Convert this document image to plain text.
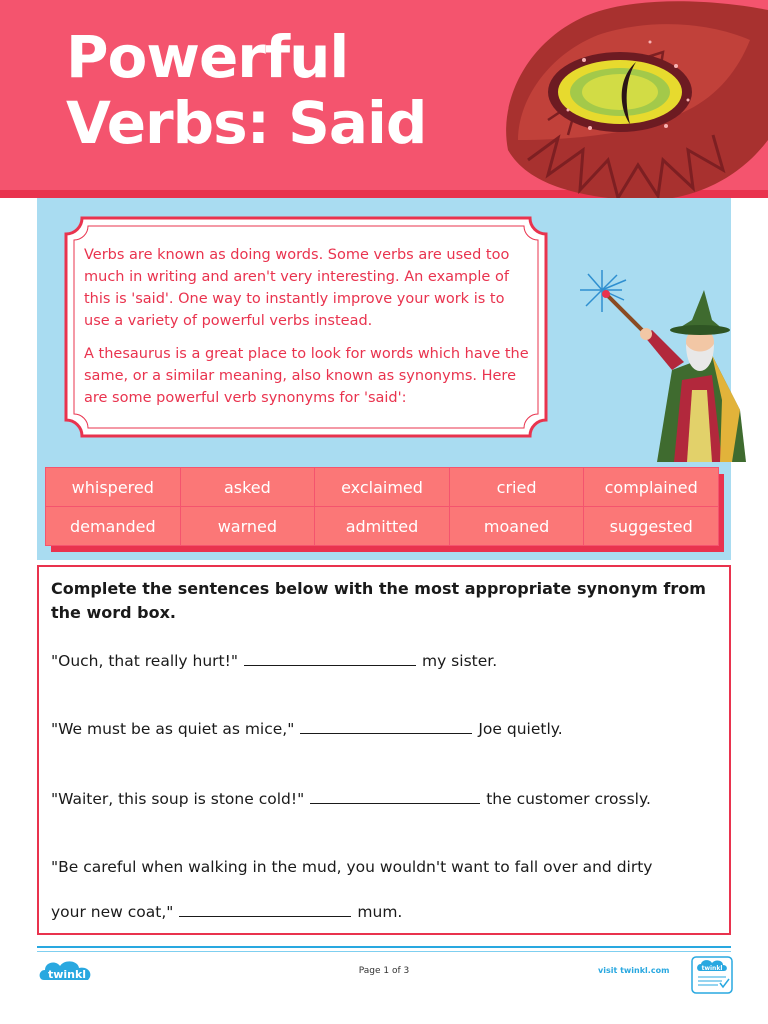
Powerful
Verbs: Said

Verbs are known as doing words. Some verbs are used too much in writing and aren't very interesting. An example of this is 'said'. One way to instantly improve your work is to use a variety of powerful verbs instead.

A thesaurus is a great place to look for words which have the same, or a similar meaning, also known as synonyms. Here are some powerful verb synonyms for 'said':

whispered	asked	exclaimed	cried	complained
demanded	warned	admitted	moaned	suggested
Complete the sentences below with the most appropriate synonym from the word box.
"Ouch, that really hurt!"	my sister.
"We must be as quiet as mice,"	Joe quietly.
"Waiter, this soup is stone cold!"	the customer crossly.
"Be careful when walking in the mud, you wouldn't want to fall over and dirty
your new coat,"	mum.
twinkl	Page 1 of 3	visit twinkl.com	twinkl
